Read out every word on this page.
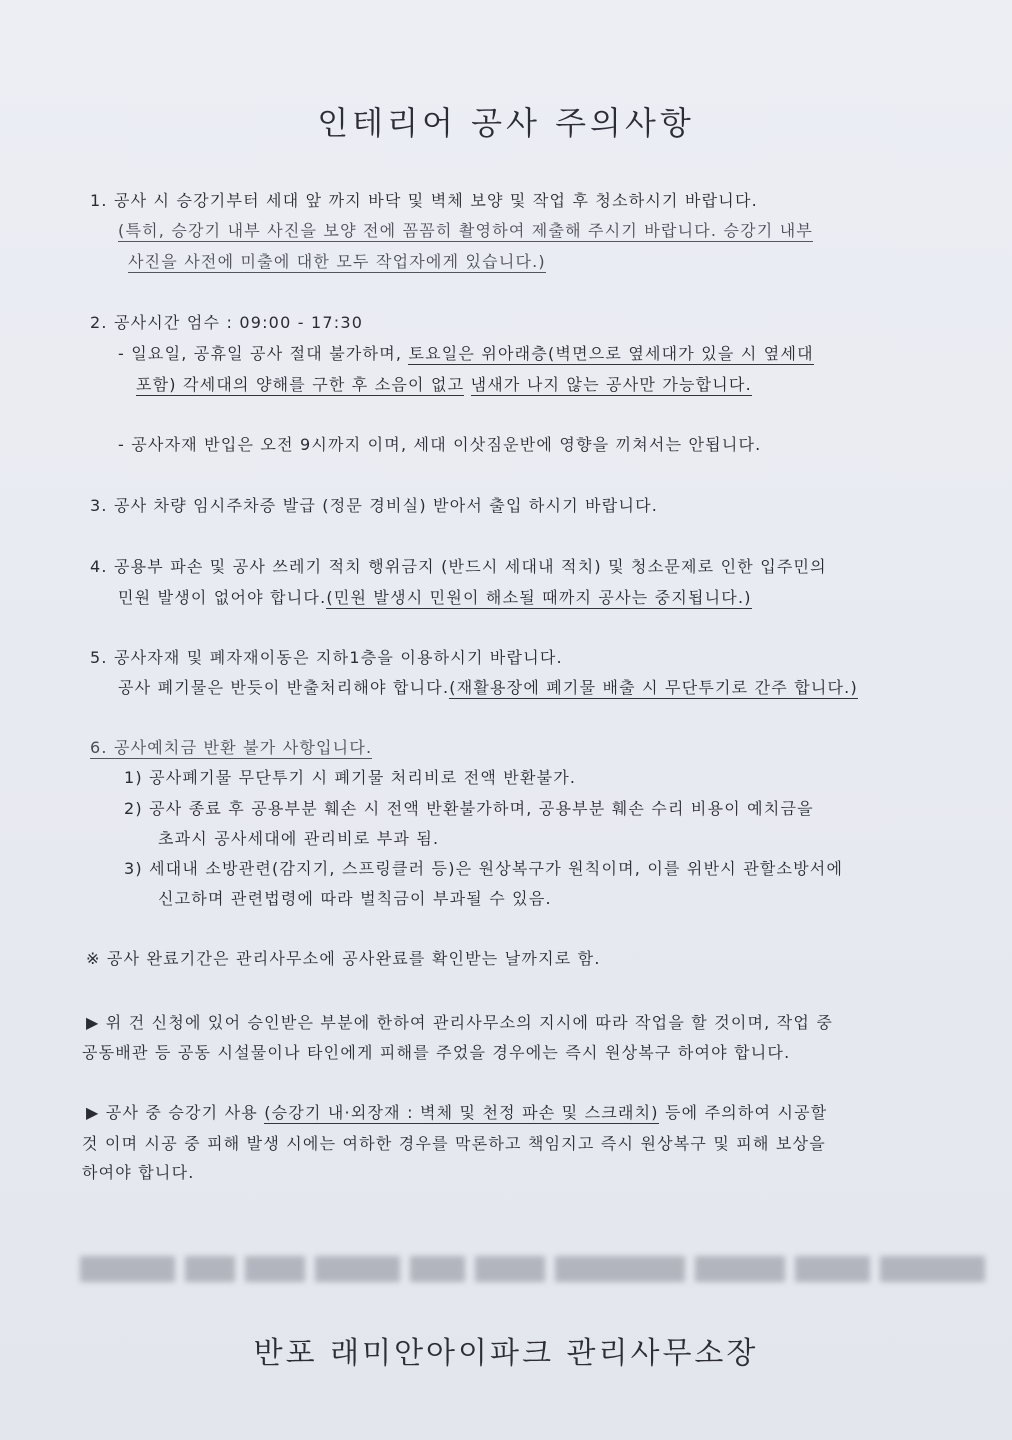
인테리어 공사 주의사항
1. 공사 시 승강기부터 세대 앞 까지 바닥 및 벽체 보양 및 작업 후 청소하시기 바랍니다.
(특히, 승강기 내부 사진을 보양 전에 꼼꼼히 촬영하여 제출해 주시기 바랍니다. 승강기 내부
사진을 사전에 미출에 대한 모두 작업자에게 있습니다.)
2. 공사시간 엄수 : 09:00 - 17:30
- 일요일, 공휴일 공사 절대 불가하며, 토요일은 위아래층(벽면으로 옆세대가 있을 시 옆세대
포함) 각세대의 양해를 구한 후 소음이 없고 냄새가 나지 않는 공사만 가능합니다.
- 공사자재 반입은 오전 9시까지 이며, 세대 이삿짐운반에 영향을 끼쳐서는 안됩니다.
3. 공사 차량 임시주차증 발급 (정문 경비실) 받아서 출입 하시기 바랍니다.
4. 공용부 파손 및 공사 쓰레기 적치 행위금지 (반드시 세대내 적치) 및 청소문제로 인한 입주민의
민원 발생이 없어야 합니다.(민원 발생시 민원이 해소될 때까지 공사는 중지됩니다.)
5. 공사자재 및 폐자재이동은 지하1층을 이용하시기 바랍니다.
공사 폐기물은 반듯이 반출처리해야 합니다.(재활용장에 폐기물 배출 시 무단투기로 간주 합니다.)
6. 공사예치금 반환 불가 사항입니다.
1) 공사폐기물 무단투기 시 폐기물 처리비로 전액 반환불가.
2) 공사 종료 후 공용부분 훼손 시 전액 반환불가하며, 공용부분 훼손 수리 비용이 예치금을
초과시 공사세대에 관리비로 부과 됨.
3) 세대내 소방관련(감지기, 스프링클러 등)은 원상복구가 원칙이며, 이를 위반시 관할소방서에
신고하며 관련법령에 따라 벌칙금이 부과될 수 있음.
※ 공사 완료기간은 관리사무소에 공사완료를 확인받는 날까지로 함.
▶ 위 건 신청에 있어 승인받은 부분에 한하여 관리사무소의 지시에 따라 작업을 할 것이며, 작업 중
공동배관 등 공동 시설물이나 타인에게 피해를 주었을 경우에는 즉시 원상복구 하여야 합니다.
▶ 공사 중 승강기 사용 (승강기 내·외장재 : 벽체 및 천정 파손 및 스크래치) 등에 주의하여 시공할
것 이며 시공 중 피해 발생 시에는 여하한 경우를 막론하고 책임지고 즉시 원상복구 및 피해 보상을
하여야 합니다.
반포 래미안아이파크 관리사무소장
